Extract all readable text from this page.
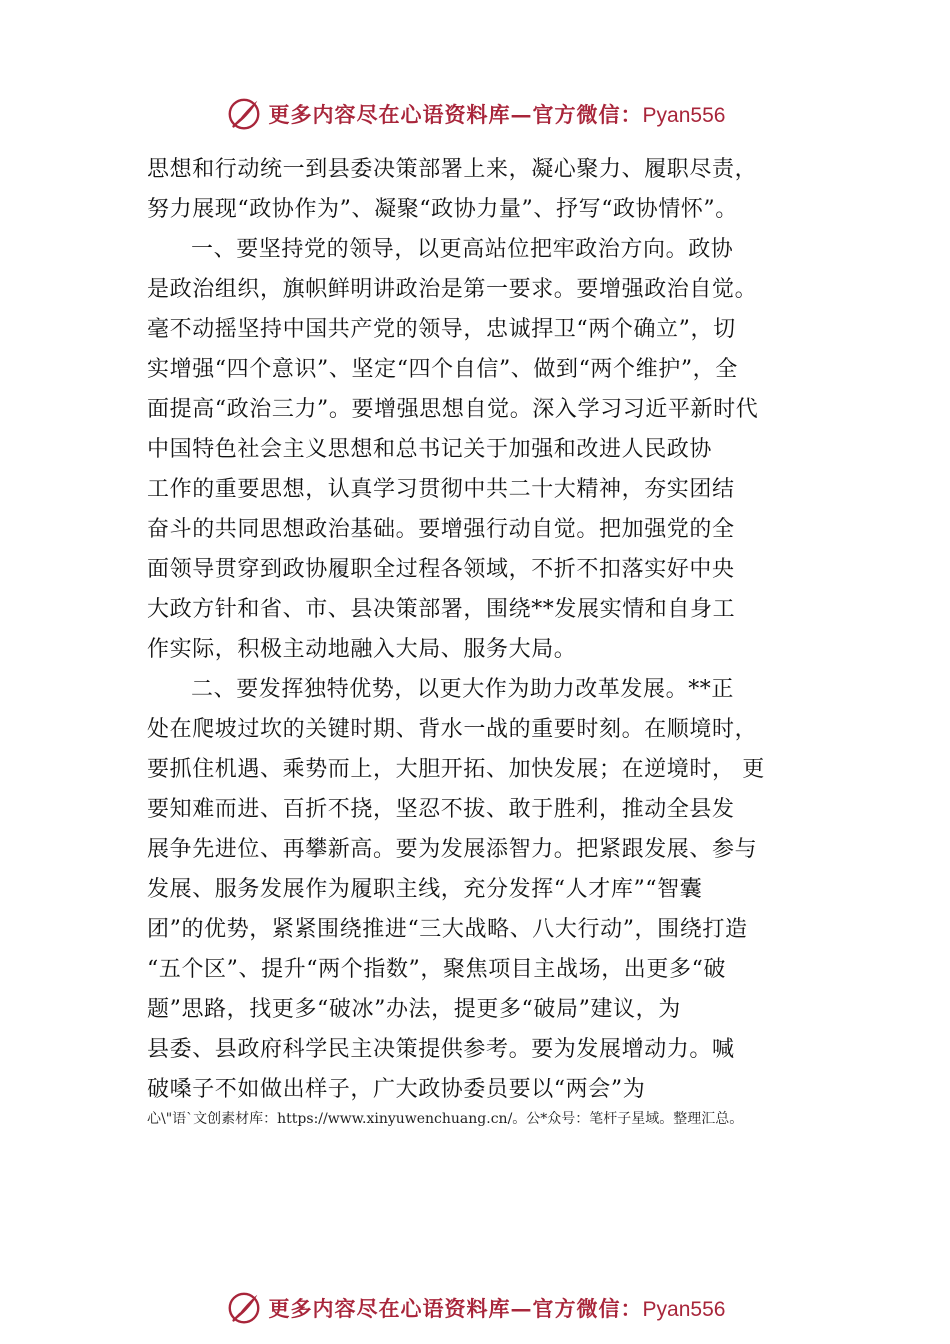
更多内容尽在心语资料库—官方微信：Pyan556
思想和行动统一到县委决策部署上来，凝心聚力、履职尽责，
努力展现“政协作为”、凝聚“政协力量”、抒写“政协情怀”。
一、要坚持党的领导，以更高站位把牢政治方向。政协
是政治组织，旗帜鲜明讲政治是第一要求。要增强政治自觉。
毫不动摇坚持中国共产党的领导，忠诚捍卫“两个确立”，切
实增强“四个意识”、坚定“四个自信”、做到“两个维护”，全
面提高“政治三力”。要增强思想自觉。深入学习习近平新时代
中国特色社会主义思想和总书记关于加强和改进人民政协
工作的重要思想，认真学习贯彻中共二十大精神，夯实团结
奋斗的共同思想政治基础。要增强行动自觉。把加强党的全
面领导贯穿到政协履职全过程各领域，不折不扣落实好中央
大政方针和省、市、县决策部署，围绕**发展实情和自身工
作实际，积极主动地融入大局、服务大局。
二、要发挥独特优势，以更大作为助力改革发展。**正
处在爬坡过坎的关键时期、背水一战的重要时刻。在顺境时，
要抓住机遇、乘势而上，大胆开拓、加快发展；在逆境时， 更
要知难而进、百折不挠，坚忍不拔、敢于胜利，推动全县发
展争先进位、再攀新高。要为发展添智力。把紧跟发展、参与
发展、服务发展作为履职主线，充分发挥“人才库”“智囊
团”的优势，紧紧围绕推进“三大战略、八大行动”，围绕打造
“五个区”、提升“两个指数”，聚焦项目主战场，出更多“破
题”思路，找更多“破冰”办法，提更多“破局”建议，为
县委、县政府科学民主决策提供参考。要为发展增动力。喊
破嗓子不如做出样子，广大政协委员要以“两会”为
心\"语`文创素材库：https://www.xinyuwenchuang.cn/。公*众号：笔杆子星域。整理汇总。
更多内容尽在心语资料库—官方微信：Pyan556
